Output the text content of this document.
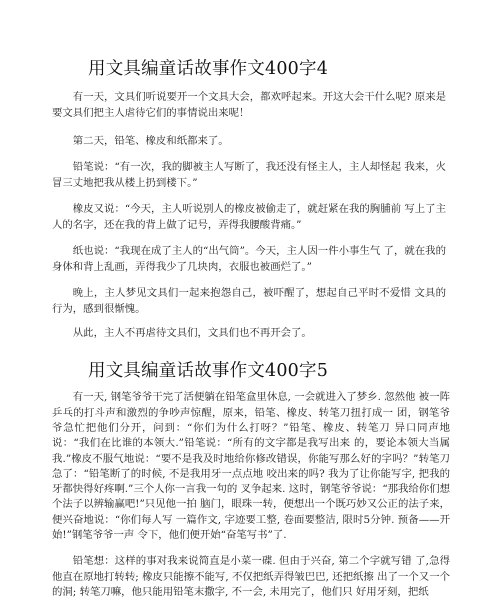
用文具编童话故事作文400字4

有一天，文具们听说要开一个文具大会，都欢呼起来。开这大会干什么呢? 原来是要文具们把主人虐待它们的事情说出来呢！

第二天，铅笔、橡皮和纸都来了。

铅笔说：“有一次，我的脚被主人写断了，我还没有怪主人，主人却怪起 我来，火冒三丈地把我从楼上扔到楼下。”

橡皮又说：“今天，主人听说别人的橡皮被偷走了，就赶紧在我的胸脯前 写上了主人的名字，还在我的背上做了记号，弄得我腰酸背痛。”

纸也说：“我现在成了主人的“出气筒”。今天，主人因一件小事生气 了，就在我的身体和背上乱画，弄得我少了几块肉，衣服也被画烂了。”

晚上，主人梦见文具们一起来抱怨自己，被吓醒了，想起自己平时不爱惜 文具的行为，感到很惭愧。

从此，主人不再虐待文具们，文具们也不再开会了。

用文具编童话故事作文400字5

有一天, 钢笔爷爷干完了活便躺在铅笔盒里休息, 一会就进入了梦乡. 忽然他 被一阵乒乓的打斗声和激烈的争吵声惊醒，原来，铅笔、橡皮、转笔刀扭打成一 团，钢笔爷爷急忙把他们分开，问到：“你们为什么打呀？”铅笔、橡皮、转笔刀 异口同声地说：“我们在比谁的本领大.”铅笔说：“所有的文字都是我写出来 的，要论本领大当属我.”橡皮不服气地说：“要不是我及时地给你修改错误，你能写那么好的字吗？”转笔刀急了：“铅笔断了的时候, 不是我用牙一点点地 咬出来的吗? 我为了让你能写字, 把我的牙都快得好疼啊.”三个人你一言我一句的 叉争起来. 这时，钢笔爷爷说：“那我给你们想个法子以辨输赢吧!”只见他一拍 脑门，眼珠一转，便想出一个既巧妙又公正的法子来，便兴奋地说：“你们每人写 一篇作文, 字迹要工整, 卷面要整洁, 限时5分钟. 预备——开始!”钢笔爷爷一声 令下，他们便开始“奋笔写书”了.

铅笔想：这样的事对我来说简直是小菜一碟. 但由于兴奋, 第二个字就写错 了,急得他直在原地打转转; 橡皮只能擦不能写, 不仅把纸弄得皱巴巴, 还把纸擦 出了一个又一个的洞; 转笔刀嘛，他只能用铅笔末撒字, 不一会, 未用完了，他们只 好用牙刻，把纸
